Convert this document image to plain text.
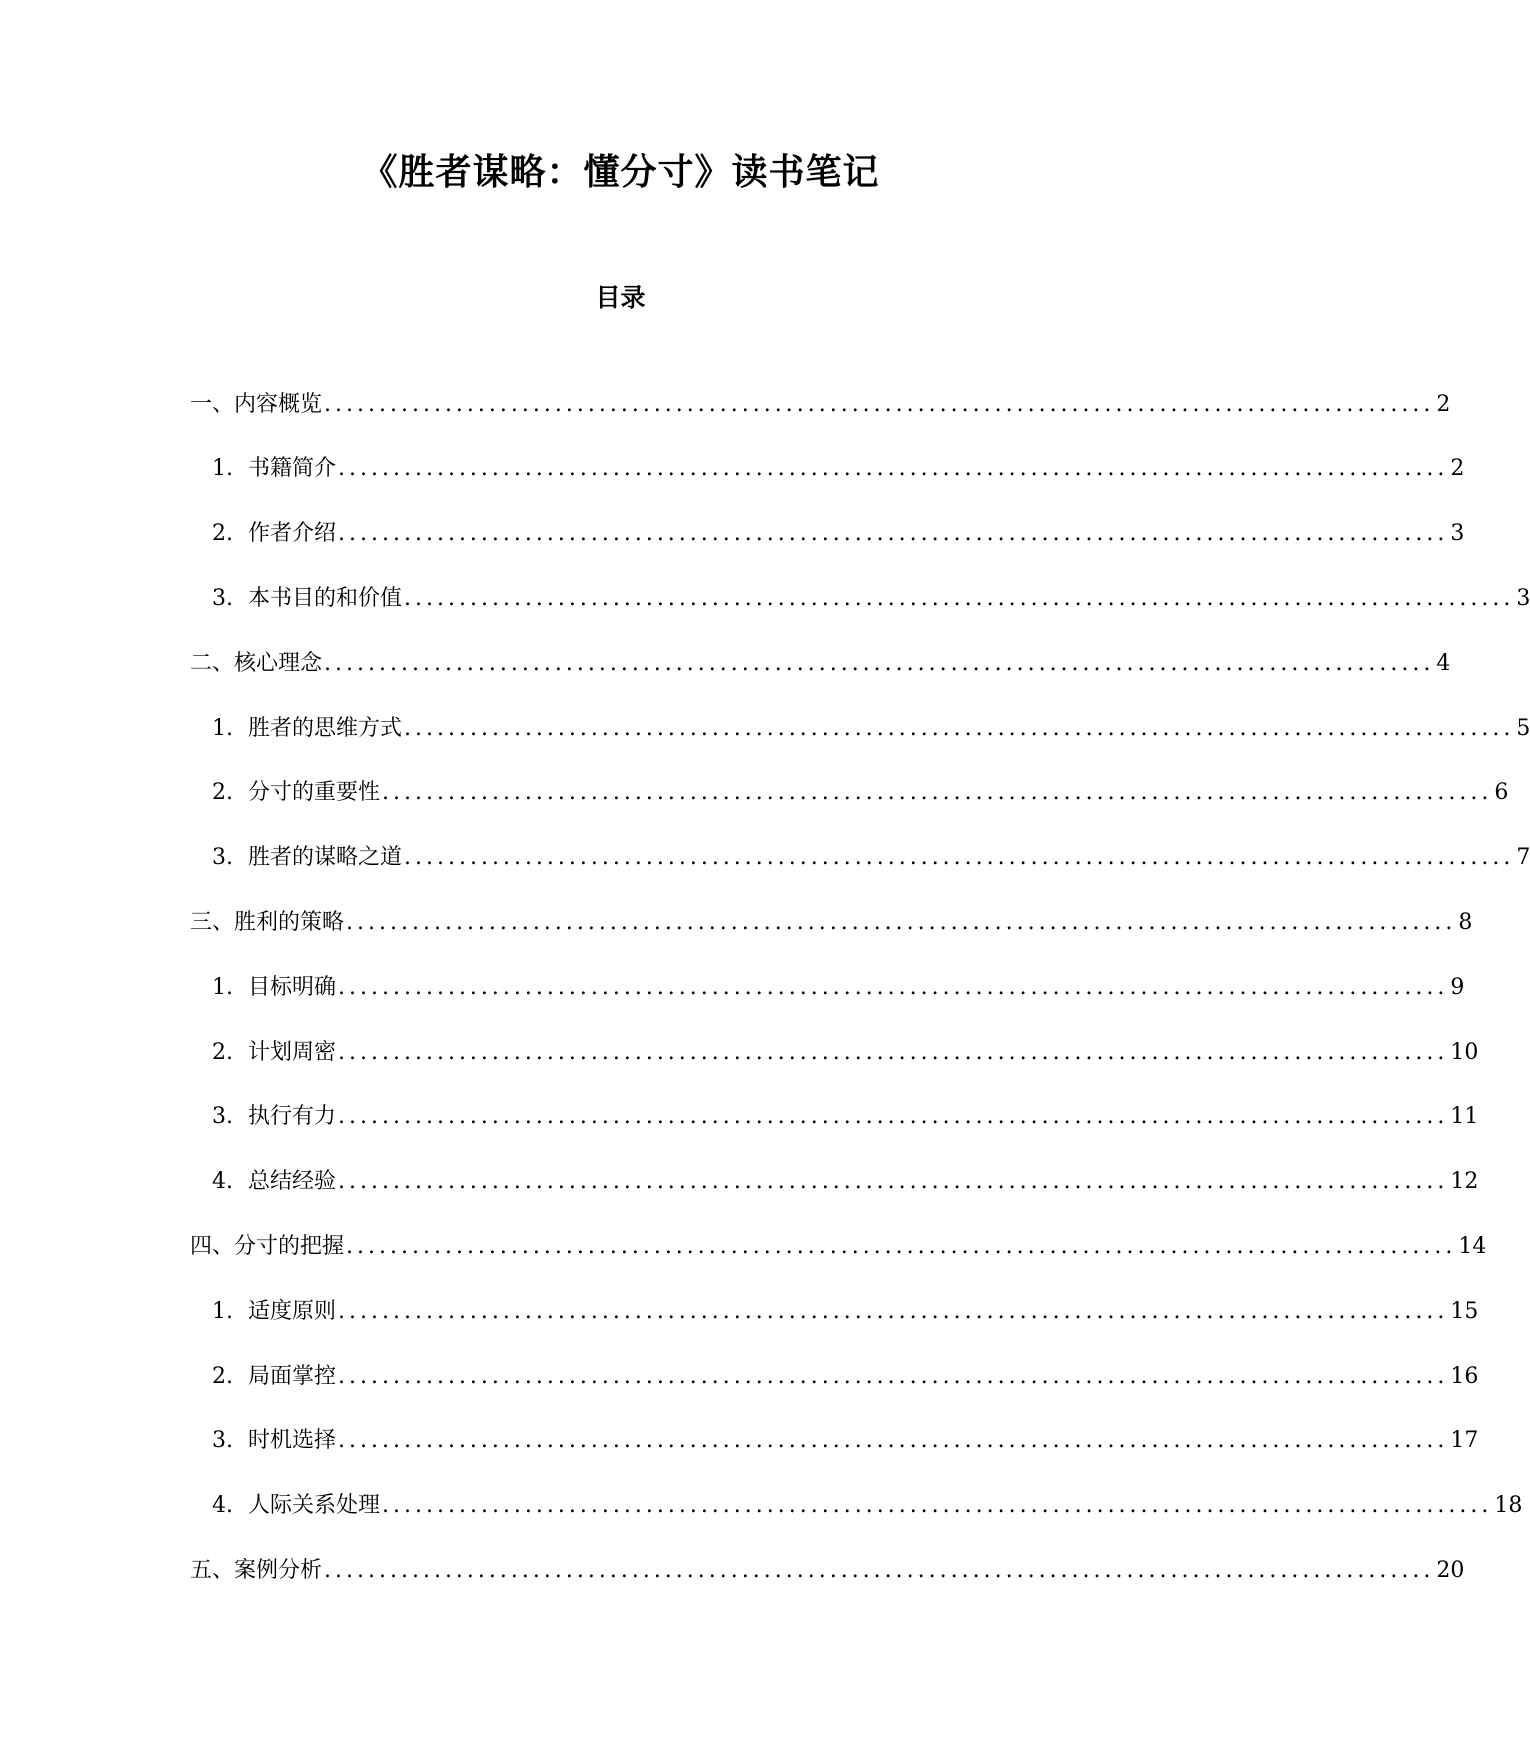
《胜者谋略：懂分寸》读书笔记
目录
一、内容概览 ..................................................................................................... 2
1. 书籍简介 ..................................................................................................... 2
2. 作者介绍 ..................................................................................................... 3
3. 本书目的和价值 ..................................................................................................... 3
二、核心理念 ..................................................................................................... 4
1. 胜者的思维方式 ..................................................................................................... 5
2. 分寸的重要性 ..................................................................................................... 6
3. 胜者的谋略之道 ..................................................................................................... 7
三、胜利的策略 ..................................................................................................... 8
1. 目标明确 ..................................................................................................... 9
2. 计划周密 ..................................................................................................... 10
3. 执行有力 ..................................................................................................... 11
4. 总结经验 ..................................................................................................... 12
四、分寸的把握 ..................................................................................................... 14
1. 适度原则 ..................................................................................................... 15
2. 局面掌控 ..................................................................................................... 16
3. 时机选择 ..................................................................................................... 17
4. 人际关系处理 ..................................................................................................... 18
五、案例分析 ..................................................................................................... 20
